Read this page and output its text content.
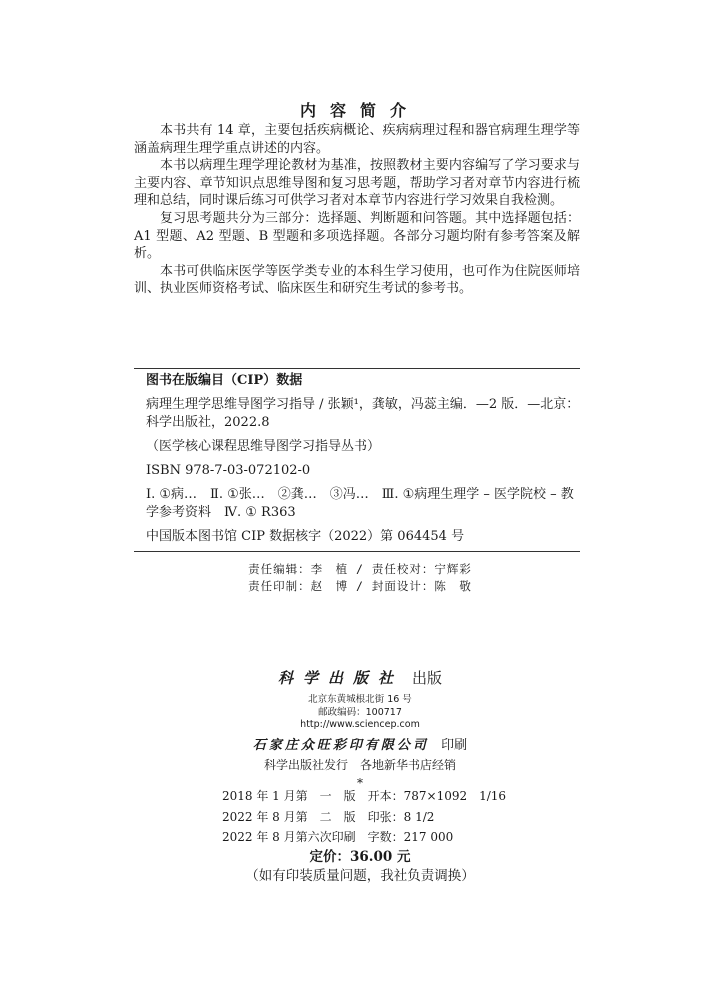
内容简介

本书共有 14 章，主要包括疾病概论、疾病病理过程和器官病理生理学等涵盖病理生理学重点讲述的内容。

本书以病理生理学理论教材为基准，按照教材主要内容编写了学习要求与主要内容、章节知识点思维导图和复习思考题，帮助学习者对章节内容进行梳理和总结，同时课后练习可供学习者对本章节内容进行学习效果自我检测。

复习思考题共分为三部分：选择题、判断题和问答题。其中选择题包括：A1 型题、A2 型题、B 型题和多项选择题。各部分习题均附有参考答案及解析。

本书可供临床医学等医学类专业的本科生学习使用，也可作为住院医师培训、执业医师资格考试、临床医生和研究生考试的参考书。

图书在版编目（CIP）数据
病理生理学思维导图学习指导 / 张颖¹，龚敏，冯蕊主编．—2 版．—北京：科学出版社，2022.8
（医学核心课程思维导图学习指导丛书）
ISBN 978-7-03-072102-0
Ⅰ. ①病…　Ⅱ. ①张…　②龚…　③冯…　Ⅲ. ①病理生理学 – 医学院校 – 教学参考资料　Ⅳ. ① R363
中国版本图书馆 CIP 数据核字（2022）第 064454 号
责任编辑：李　植 / 责任校对：宁辉彩
责任印制：赵　博 / 封面设计：陈　敬
科学出版社 出版
北京东黄城根北街 16 号
邮政编码：100717
http://www.sciencep.com
石家庄众旺彩印有限公司 印刷
科学出版社发行　各地新华书店经销
*
2018 年 1 月第　一　版　开本：787×1092　1/16
2022 年 8 月第　二　版　印张：8 1/2
2022 年 8 月第六次印刷　字数：217 000
定价：36.00 元
（如有印装质量问题，我社负责调换）
